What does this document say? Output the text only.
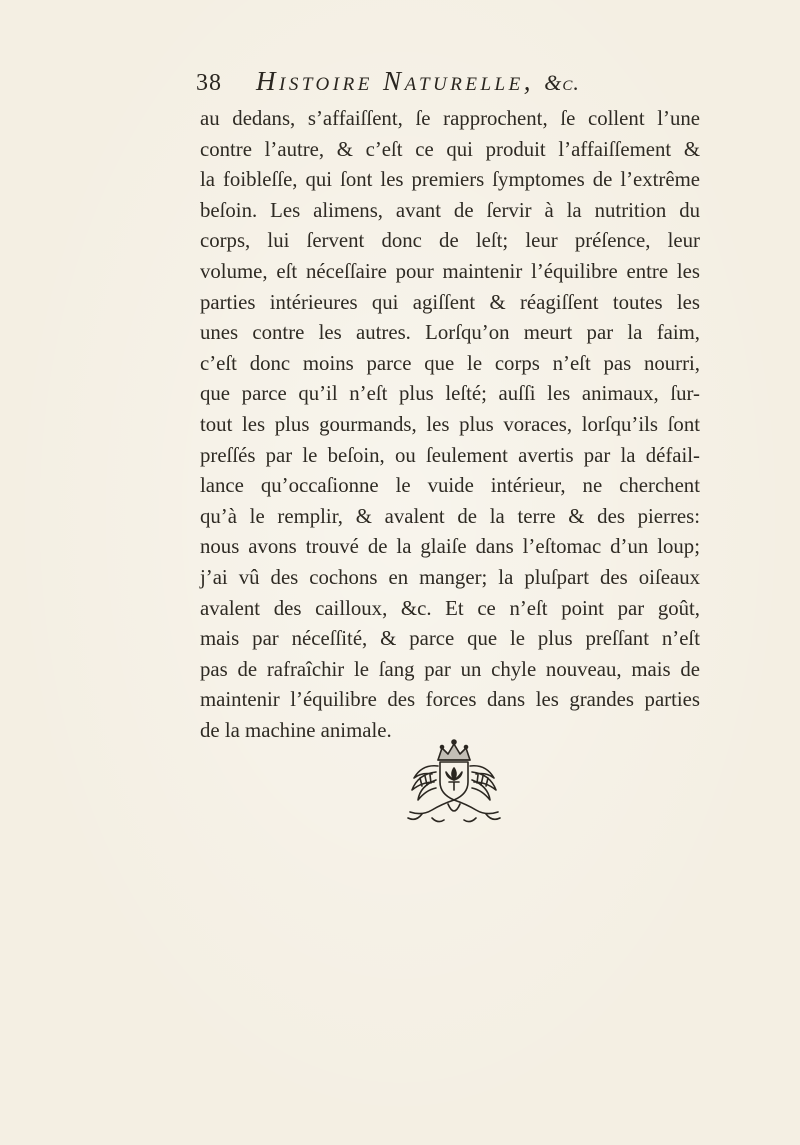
38 Histoire Naturelle, &c.
au dedans, s’affaiſſent, ſe rapprochent, ſe collent l’une
contre l’autre, & c’eſt ce qui produit l’affaiſſement &
la foibleſſe, qui ſont les premiers ſymptomes de l’extrême
beſoin. Les alimens, avant de ſervir à la nutrition du
corps, lui ſervent donc de leſt; leur préſence, leur
volume, eſt néceſſaire pour maintenir l’équilibre entre les
parties intérieures qui agiſſent & réagiſſent toutes les
unes contre les autres. Lorſqu’on meurt par la faim,
c’eſt donc moins parce que le corps n’eſt pas nourri,
que parce qu’il n’eſt plus leſté; auſſi les animaux, ſur-
tout les plus gourmands, les plus voraces, lorſqu’ils ſont
preſſés par le beſoin, ou ſeulement avertis par la défail-
lance qu’occaſionne le vuide intérieur, ne cherchent
qu’à le remplir, & avalent de la terre & des pierres:
nous avons trouvé de la glaiſe dans l’eſtomac d’un loup;
j’ai vû des cochons en manger; la pluſpart des oiſeaux
avalent des cailloux, &c. Et ce n’eſt point par goût,
mais par néceſſité, & parce que le plus preſſant n’eſt
pas de rafraîchir le ſang par un chyle nouveau, mais de
maintenir l’équilibre des forces dans les grandes parties
de la machine animale.
